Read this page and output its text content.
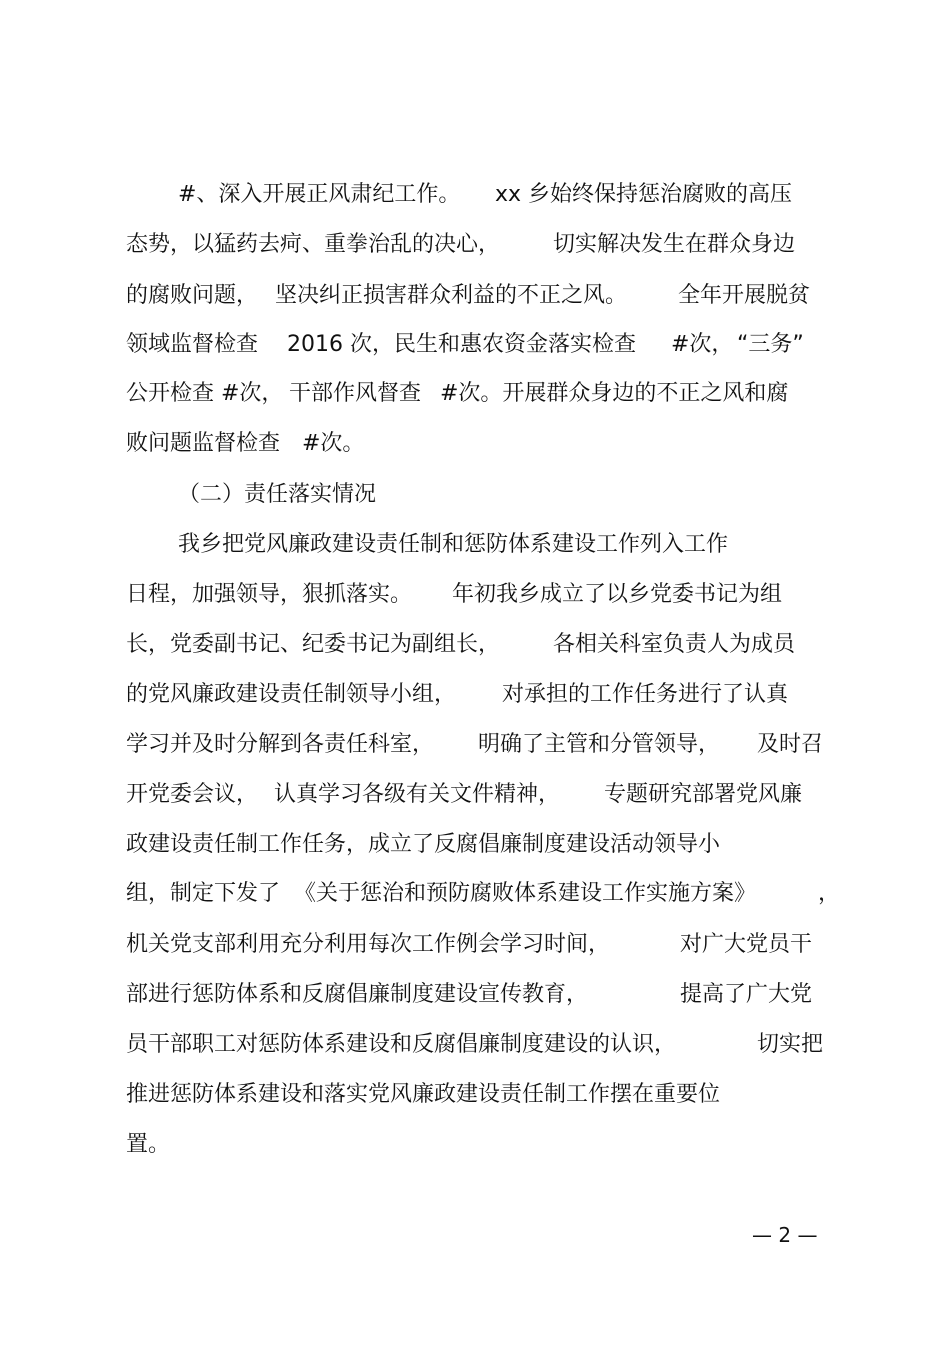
#、深入开展正风肃纪工作。 xx 乡始终保持惩治腐败的高压
态势，以猛药去疴、重拳治乱的决心， 切实解决发生在群众身边
的腐败问题， 坚决纠正损害群众利益的不正之风。 全年开展脱贫
领域监督检查 2016 次，民生和惠农资金落实检查 #次， “三务”
公开检查 #次， 干部作风督查 #次。开展群众身边的不正之风和腐
败问题监督检查 #次。
（二）责任落实情况
我乡把党风廉政建设责任制和惩防体系建设工作列入工作
日程，加强领导，狠抓落实。 年初我乡成立了以乡党委书记为组
长，党委副书记、纪委书记为副组长， 各相关科室负责人为成员
的党风廉政建设责任制领导小组， 对承担的工作任务进行了认真
学习并及时分解到各责任科室， 明确了主管和分管领导， 及时召
开党委会议， 认真学习各级有关文件精神， 专题研究部署党风廉
政建设责任制工作任务，成立了反腐倡廉制度建设活动领导小
组，制定下发了 《关于惩治和预防腐败体系建设工作实施方案》	，
机关党支部利用充分利用每次工作例会学习时间，	对广大党员干
部进行惩防体系和反腐倡廉制度建设宣传教育，	提高了广大党
员干部职工对惩防体系建设和反腐倡廉制度建设的认识，	切实把
推进惩防体系建设和落实党风廉政建设责任制工作摆在重要位
置。
— 2 —
